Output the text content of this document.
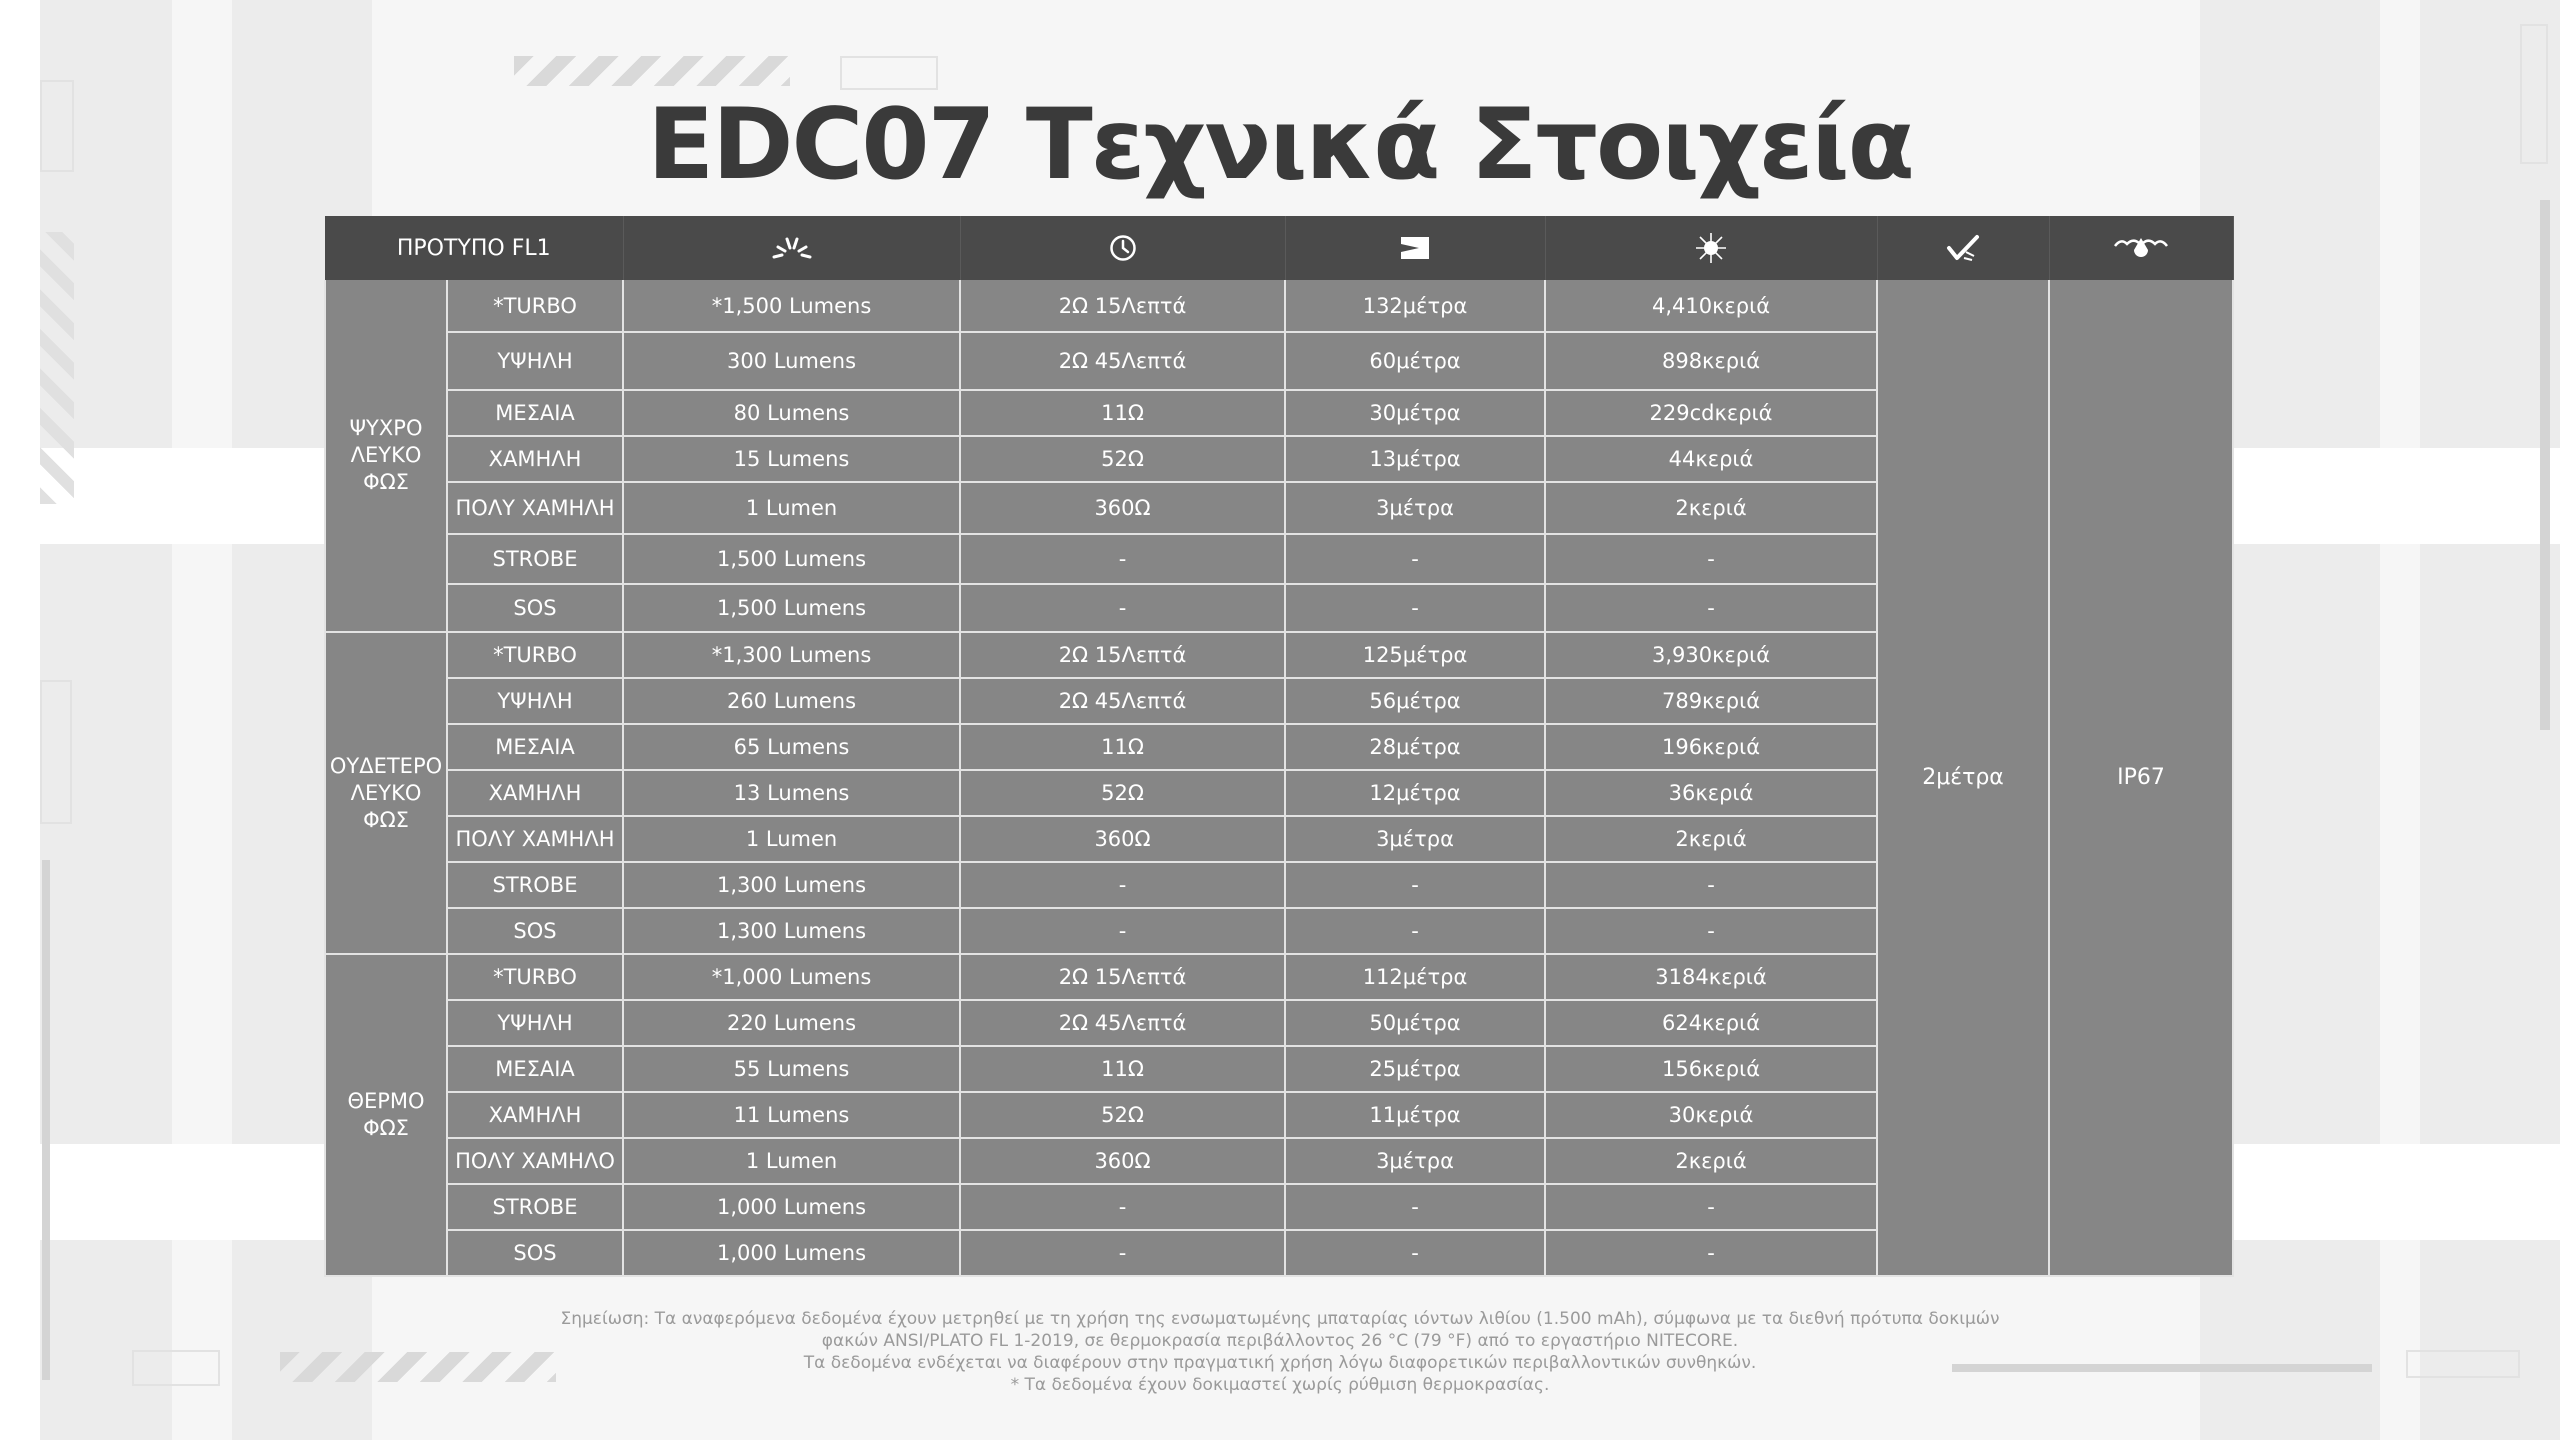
EDC07 Τεχνικά Στοιχεία
ΠΡΟΤΥΠΟ FL1						
ΨΥΧΡΟ ΛΕΥΚΟ ΦΩΣ	*TURBO	*1,500 Lumens	2Ω 15Λεπτά	132μέτρα	4,410κεριά	2μέτρα	IP67
	ΥΨΗΛΗ	300 Lumens	2Ω 45Λεπτά	60μέτρα	898κεριά		
	ΜΕΣΑΙΑ	80 Lumens	11Ω	30μέτρα	229cdκεριά		
	ΧΑΜΗΛΗ	15 Lumens	52Ω	13μέτρα	44κεριά		
	ΠΟΛΥ ΧΑΜΗΛΗ	1 Lumen	360Ω	3μέτρα	2κεριά		
	STROBE	1,500 Lumens	-	-	-		
	SOS	1,500 Lumens	-	-	-		
ΟΥΔΕΤΕΡΟ ΛΕΥΚΟ ΦΩΣ	*TURBO	*1,300 Lumens	2Ω 15Λεπτά	125μέτρα	3,930κεριά		
	ΥΨΗΛΗ	260 Lumens	2Ω 45Λεπτά	56μέτρα	789κεριά		
	ΜΕΣΑΙΑ	65 Lumens	11Ω	28μέτρα	196κεριά		
	ΧΑΜΗΛΗ	13 Lumens	52Ω	12μέτρα	36κεριά		
	ΠΟΛΥ ΧΑΜΗΛΗ	1 Lumen	360Ω	3μέτρα	2κεριά		
	STROBE	1,300 Lumens	-	-	-		
	SOS	1,300 Lumens	-	-	-		
ΘΕΡΜΟ ΦΩΣ	*TURBO	*1,000 Lumens	2Ω 15Λεπτά	112μέτρα	3184κεριά		
	ΥΨΗΛΗ	220 Lumens	2Ω 45Λεπτά	50μέτρα	624κεριά		
	ΜΕΣΑΙΑ	55 Lumens	11Ω	25μέτρα	156κεριά		
	ΧΑΜΗΛΗ	11 Lumens	52Ω	11μέτρα	30κεριά		
	ΠΟΛΥ ΧΑΜΗΛΟ	1 Lumen	360Ω	3μέτρα	2κεριά		
	STROBE	1,000 Lumens	-	-	-		
	SOS	1,000 Lumens	-	-	-		
Σημείωση: Τα αναφερόμενα δεδομένα έχουν μετρηθεί με τη χρήση της ενσωματωμένης μπαταρίας ιόντων λιθίου (1.500 mAh), σύμφωνα με τα διεθνή πρότυπα δοκιμών
φακών ANSI/PLATO FL 1-2019, σε θερμοκρασία περιβάλλοντος 26 °C (79 °F) από το εργαστήριο NITECORE.
Τα δεδομένα ενδέχεται να διαφέρουν στην πραγματική χρήση λόγω διαφορετικών περιβαλλοντικών συνθηκών.
* Τα δεδομένα έχουν δοκιμαστεί χωρίς ρύθμιση θερμοκρασίας.
